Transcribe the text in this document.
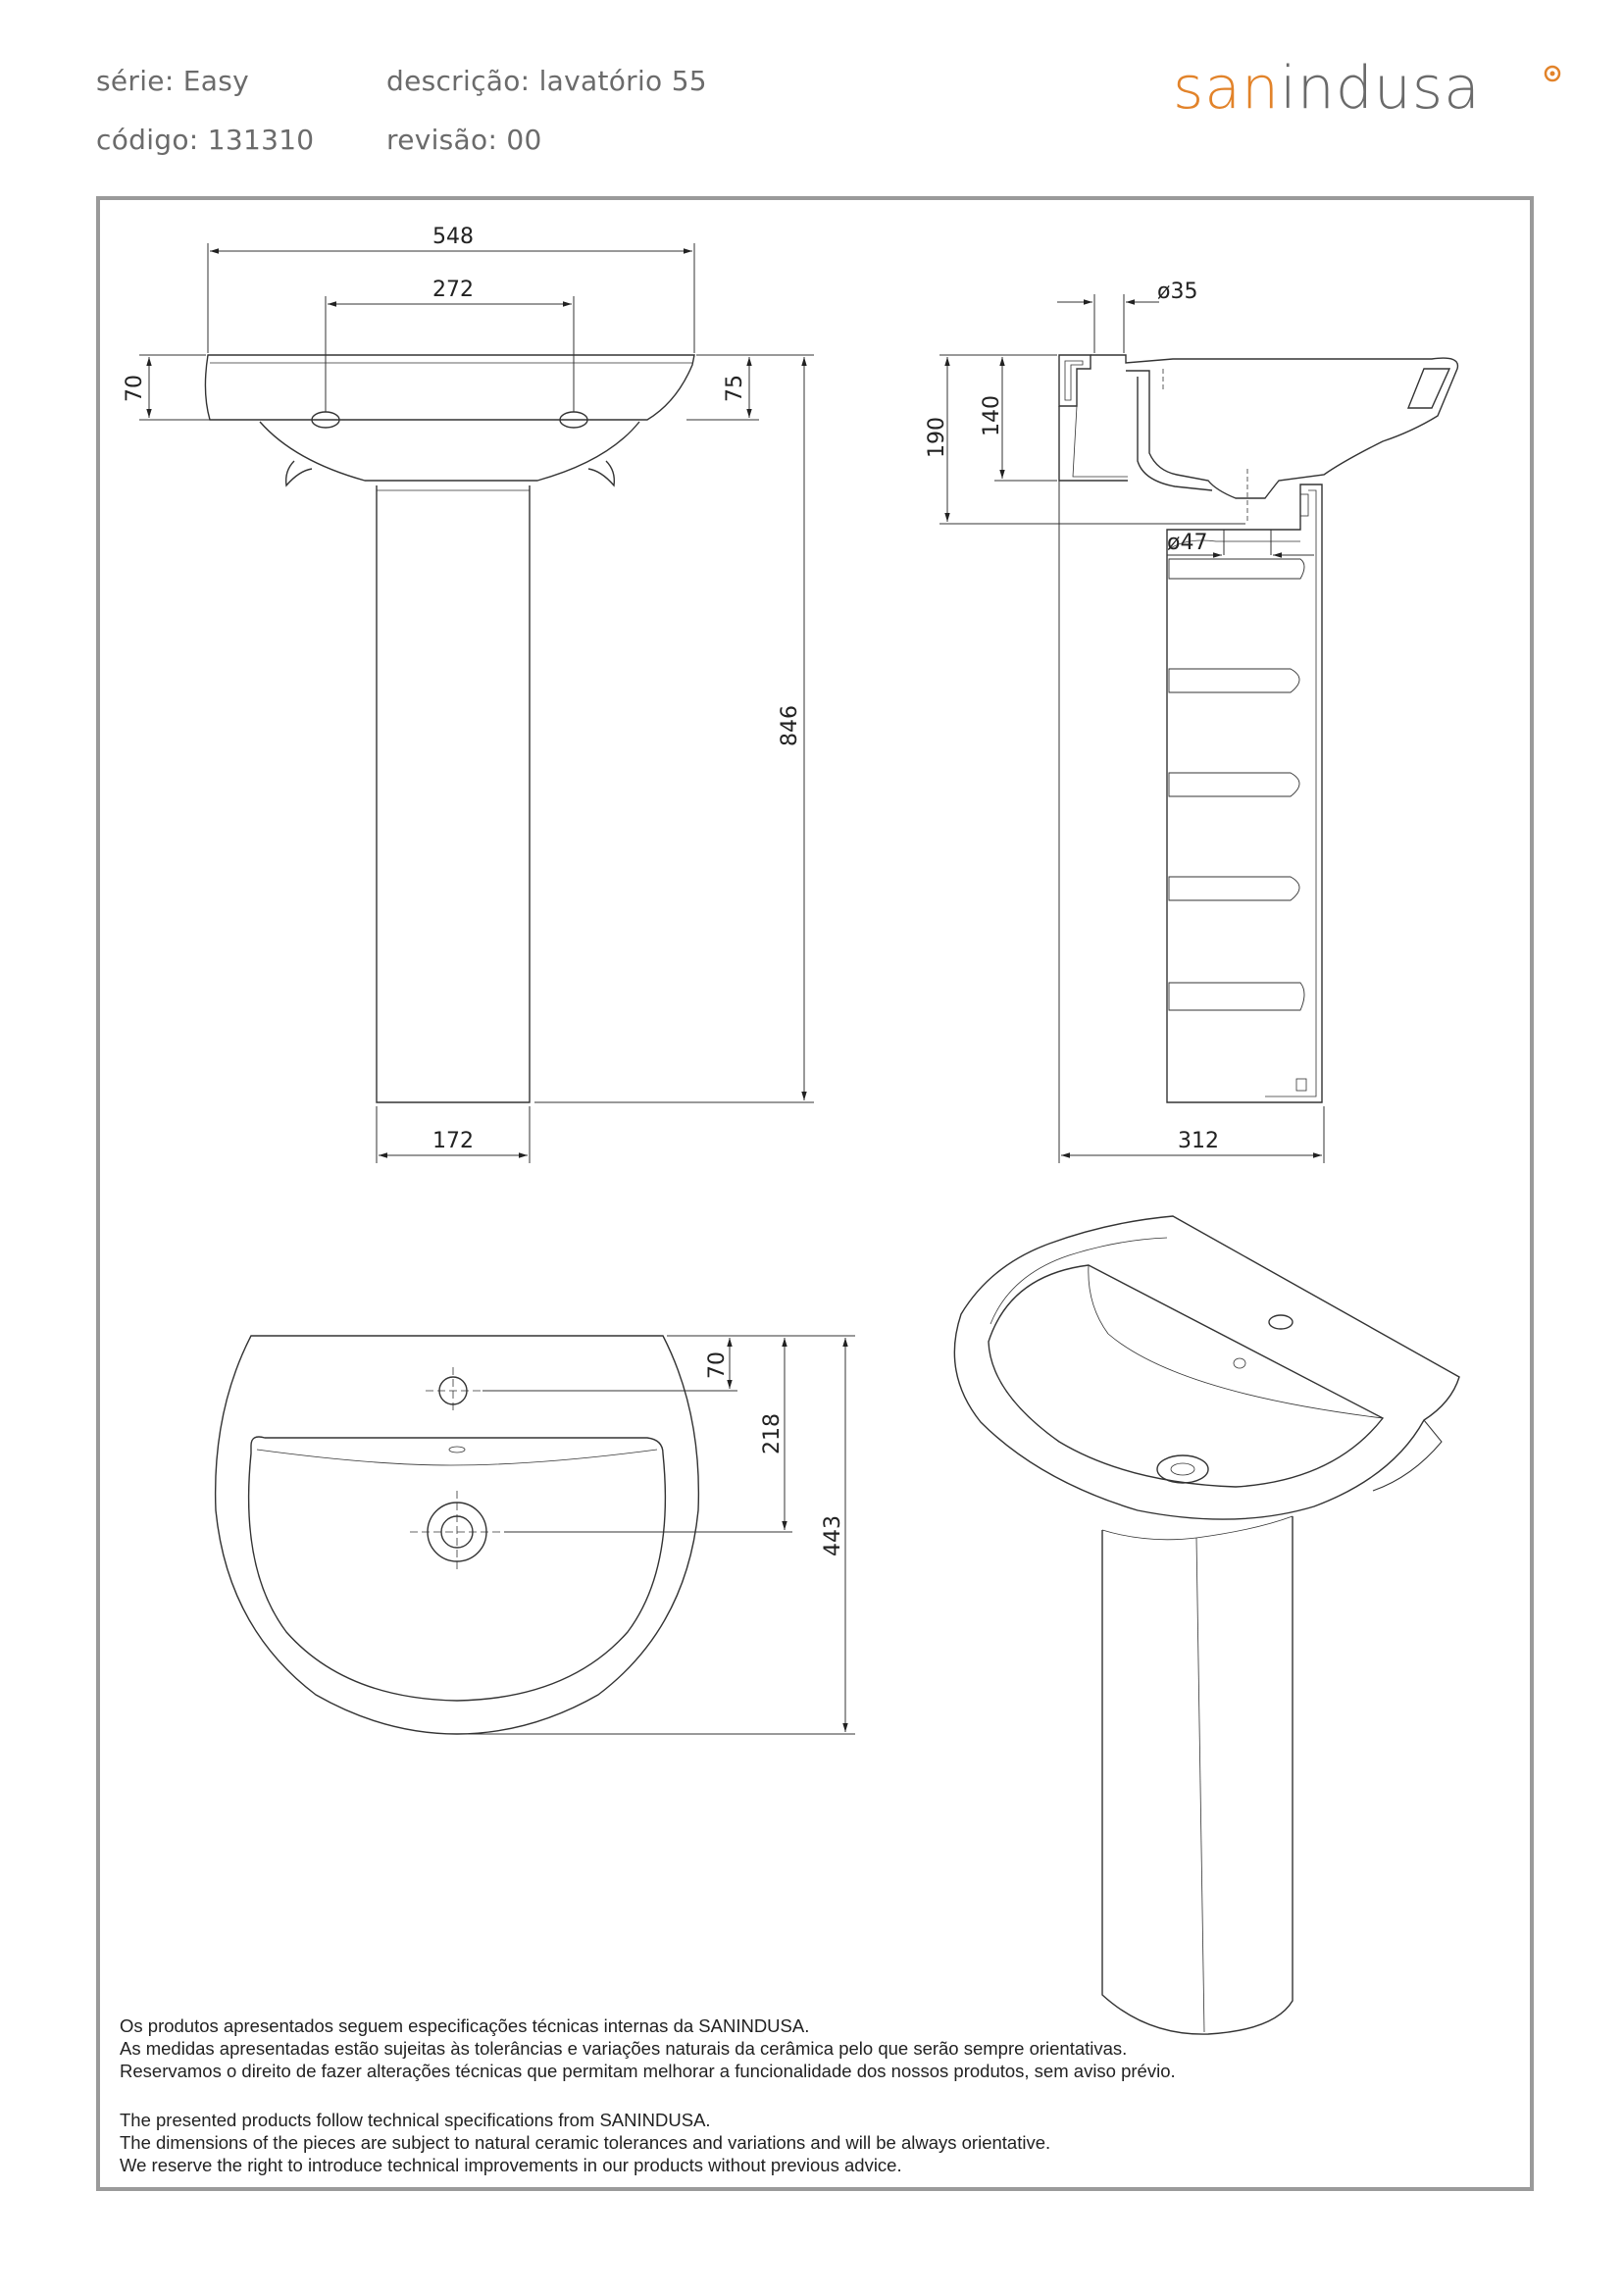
série: Easy	descrição: lavatório 55
código: 131310	revisão: 00
sanindusa
548
272
70	75
846
172
ø35
190
140
ø47
312
70
218
443
Os produtos apresentados seguem especificações técnicas internas da SANINDUSA.
As medidas apresentadas estão sujeitas às tolerâncias e variações naturais da cerâmica pelo que serão sempre orientativas.
Reservamos o direito de fazer alterações técnicas que permitam melhorar a funcionalidade dos nossos produtos, sem aviso prévio.
The presented products follow technical specifications from SANINDUSA.
The dimensions of the pieces are subject to natural ceramic tolerances and variations and will be always orientative.
We reserve the right to introduce technical improvements in our products without previous advice.
